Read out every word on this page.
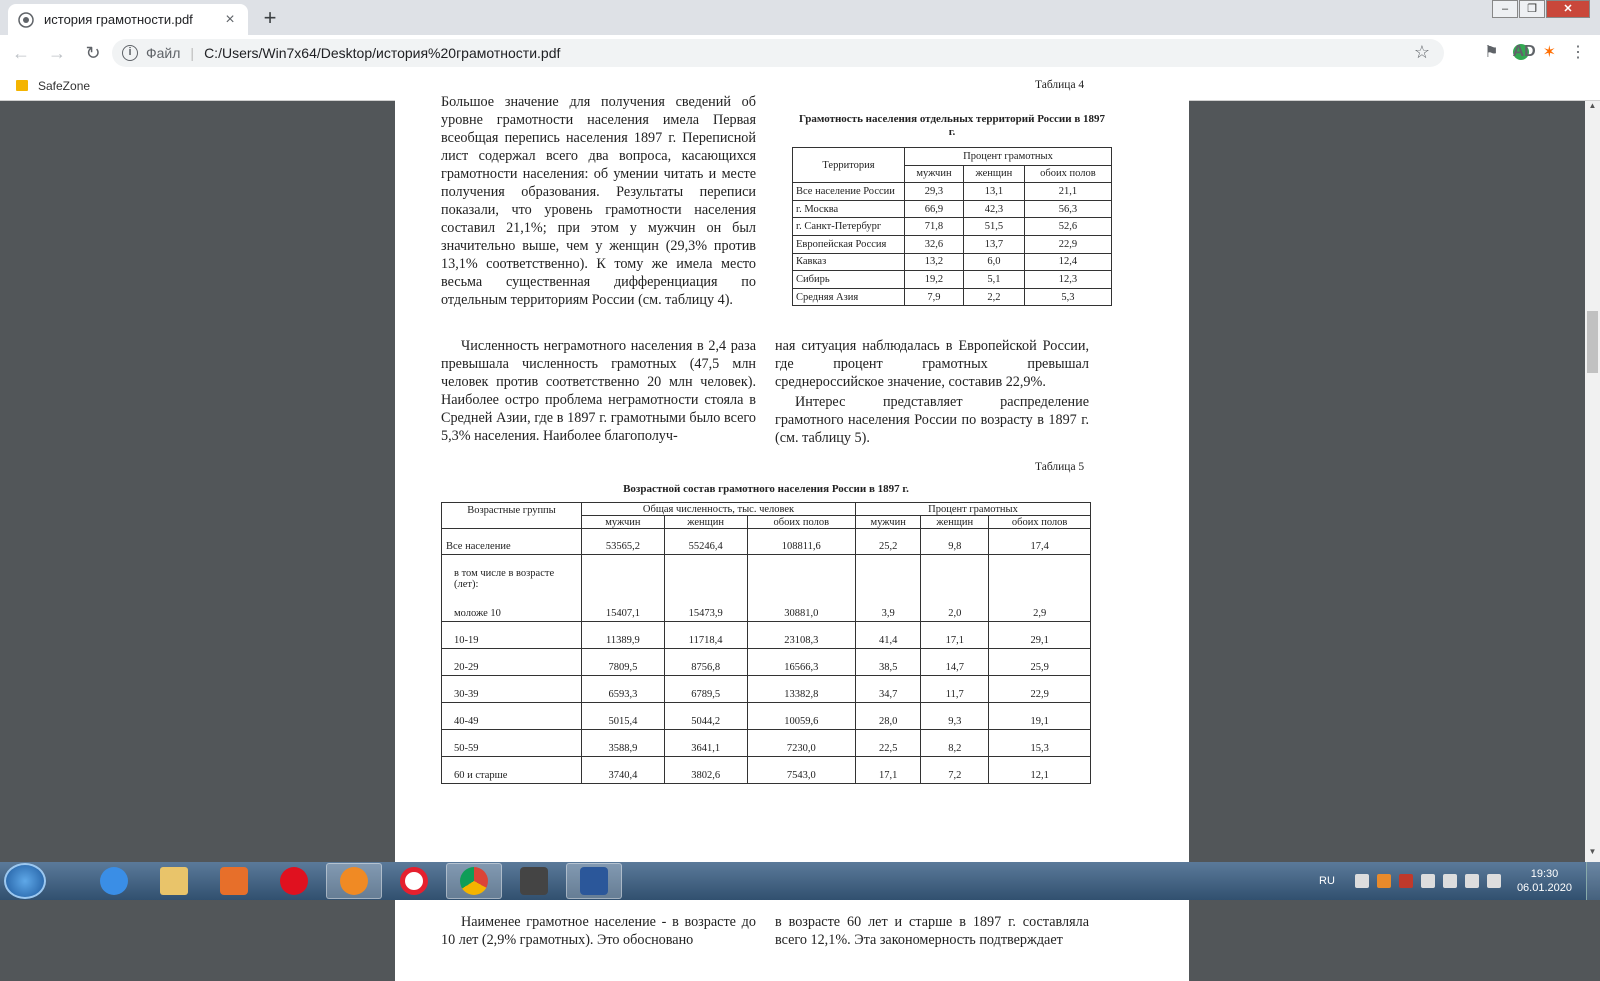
история грамотности.pdf	× +	–	❐	✕
←	→	↻	i	Файл | C:/Users/Win7x64/Desktop/история%20грамотности.pdf	☆	⚑ AD ✶ ⋮
SafeZone
Большое значение для получения сведений об уровне грамотности населения имела Первая всеобщая перепись населения 1897 г. Переписной лист содержал всего два вопроса, касающихся грамотности населения: об умении читать и месте получения образования. Результаты переписи показали, что уровень грамотности населения составил 21,1%; при этом у мужчин он был значительно выше, чем у женщин (29,3% против 13,1% соответственно). К тому же имела место весьма существенная дифференциация по отдельным территориям России (см. таблицу 4).
Таблица 4
Грамотность населения отдельных территорий России в 1897 г.
Территория	Процент грамотных		
	мужчин	женщин	обоих полов
Все население России	29,3	13,1	21,1
г. Москва	66,9	42,3	56,3
г. Санкт-Петербург	71,8	51,5	52,6
Европейская Россия	32,6	13,7	22,9
Кавказ	13,2	6,0	12,4
Сибирь	19,2	5,1	12,3
Средняя Азия	7,9	2,2	5,3
Численность неграмотного населения в 2,4 раза превышала численность грамотных (47,5 млн человек против соответственно 20 млн человек). Наиболее остро проблема неграмотности стояла в Средней Азии, где в 1897 г. грамотными было всего 5,3% населения. Наиболее благополуч-
ная ситуация наблюдалась в Европейской России, где процент грамотных превышал среднероссийское значение, составив 22,9%.
Интерес представляет распределение грамотного населения России по возрасту в 1897 г. (см. таблицу 5).
Таблица 5
Возрастной состав грамотного населения России в 1897 г.
Возрастные группы	Общая численность, тыс. человек			Процент грамотных		
	мужчин	женщин	обоих полов	мужчин	женщин	обоих полов
Все население	53565,2	55246,4	108811,6	25,2	9,8	17,4

в том числе в возрасте (лет):
моложе 10	15407,1	15473,9	30881,0	3,9	2,0	2,9
10-19	11389,9	11718,4	23108,3	41,4	17,1	29,1
20-29	7809,5	8756,8	16566,3	38,5	14,7	25,9
30-39	6593,3	6789,5	13382,8	34,7	11,7	22,9
40-49	5015,4	5044,2	10059,6	28,0	9,3	19,1
50-59	3588,9	3641,1	7230,0	22,5	8,2	15,3
60 и старше	3740,4	3802,6	7543,0	17,1	7,2	12,1
Наименее грамотное население - в возрасте до 10 лет (2,9% грамотных). Это обосновано
в возрасте 60 лет и старше в 1897 г. составляла всего 12,1%. Эта закономерность подтверждает
▲
▼
RU
19:30
06.01.2020
